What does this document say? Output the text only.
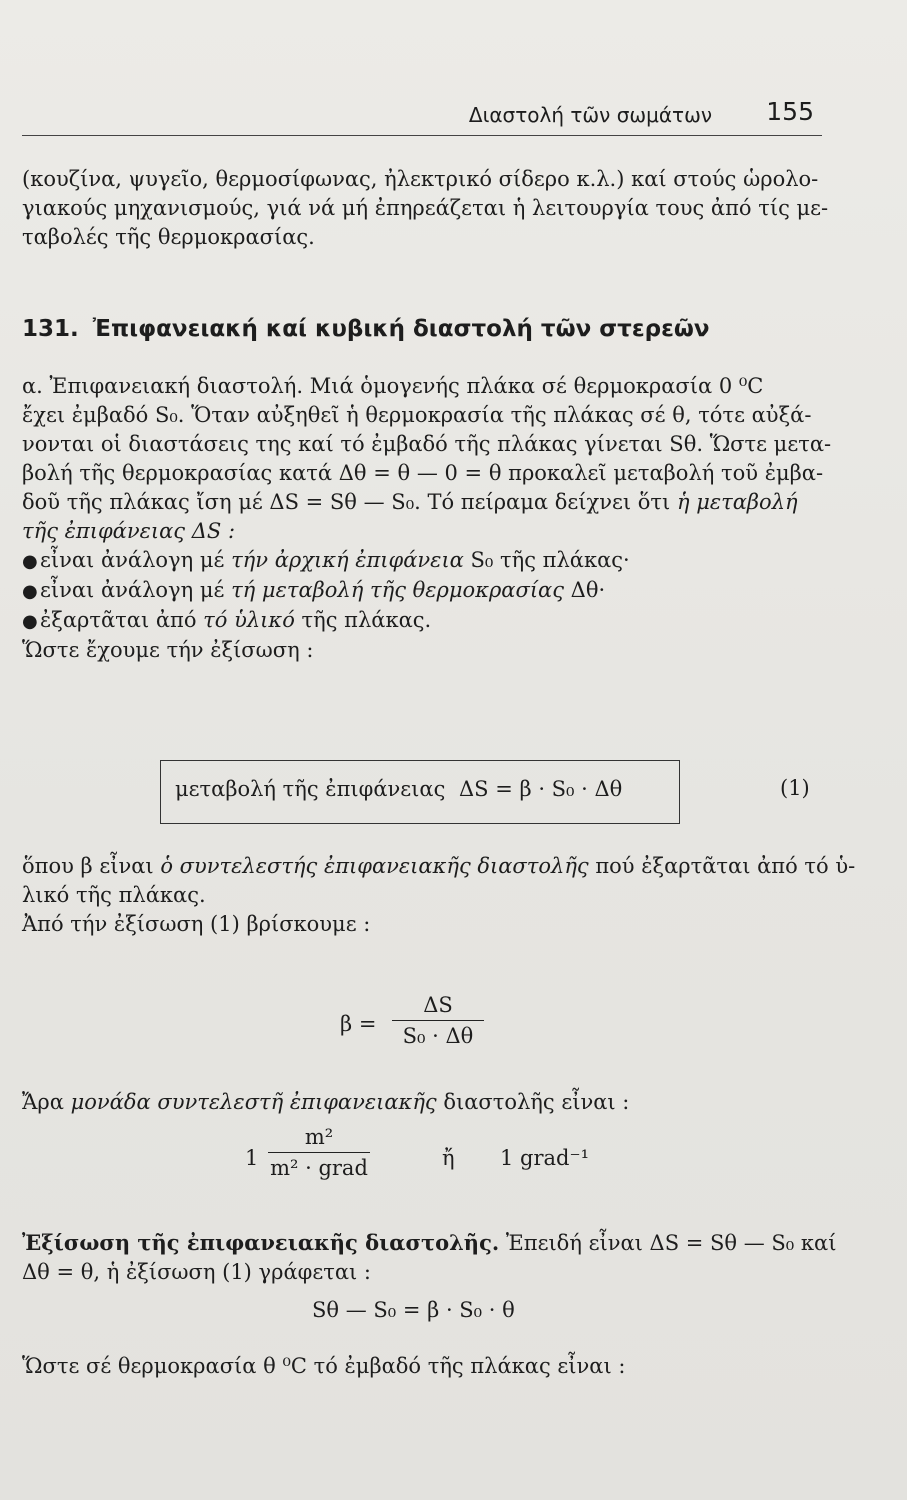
Διαστολή τῶν σωμάτων 155
(κουζίνα, ψυγεῖο, θερμοσίφωνας, ἠλεκτρικό σίδερο κ.λ.) καί στούς ὡρολο-
γιακούς μηχανισμούς, γιά νά μή ἐπηρεάζεται ἡ λειτουργία τους ἀπό τίς με-
ταβολές τῆς θερμοκρασίας.
131. Ἐπιφανειακή καί κυβική διαστολή τῶν στερεῶν
α. Ἐπιφανειακή διαστολή. Μιά ὁμογενής πλάκα σέ θερμοκρασία 0 ⁰C
ἔχει ἐμβαδό S₀. Ὅταν αὐξηθεῖ ἡ θερμοκρασία τῆς πλάκας σέ θ, τότε αὐξά-
νονται οἱ διαστάσεις της καί τό ἐμβαδό τῆς πλάκας γίνεται Sθ. Ὥστε μετα-
βολή τῆς θερμοκρασίας κατά Δθ = θ — 0 = θ προκαλεῖ μεταβολή τοῦ ἐμβα-
δοῦ τῆς πλάκας ἴση μέ ΔS = Sθ — S₀. Τό πείραμα δείχνει ὅτι ἡ μεταβολή
τῆς ἐπιφάνειας ΔS :
● εἶναι ἀνάλογη μέ τήν ἀρχική ἐπιφάνεια S₀ τῆς πλάκας·
● εἶναι ἀνάλογη μέ τή μεταβολή τῆς θερμοκρασίας Δθ·
● ἐξαρτᾶται ἀπό τό ὑλικό τῆς πλάκας.
Ὥστε ἔχουμε τήν ἐξίσωση :
μεταβολή τῆς ἐπιφάνειας ΔS = β · S₀ · Δθ	(1)
ὅπου β εἶναι ὁ συντελεστής ἐπιφανειακῆς διαστολῆς πού ἐξαρτᾶται ἀπό τό ὑ-
λικό τῆς πλάκας.
Ἀπό τήν ἐξίσωση (1) βρίσκουμε :
β =
ΔS
S₀ · Δθ
Ἄρα μονάδα συντελεστῆ ἐπιφανειακῆς διαστολῆς εἶναι :
1
m²
m² · grad	ἤ 1 grad⁻¹
Ἐξίσωση τῆς ἐπιφανειακῆς διαστολῆς. Ἐπειδή εἶναι ΔS = Sθ — S₀ καί
Δθ = θ, ἡ ἐξίσωση (1) γράφεται :
Sθ — S₀ = β · S₀ · θ
Ὥστε σέ θερμοκρασία θ ⁰C τό ἐμβαδό τῆς πλάκας εἶναι :
